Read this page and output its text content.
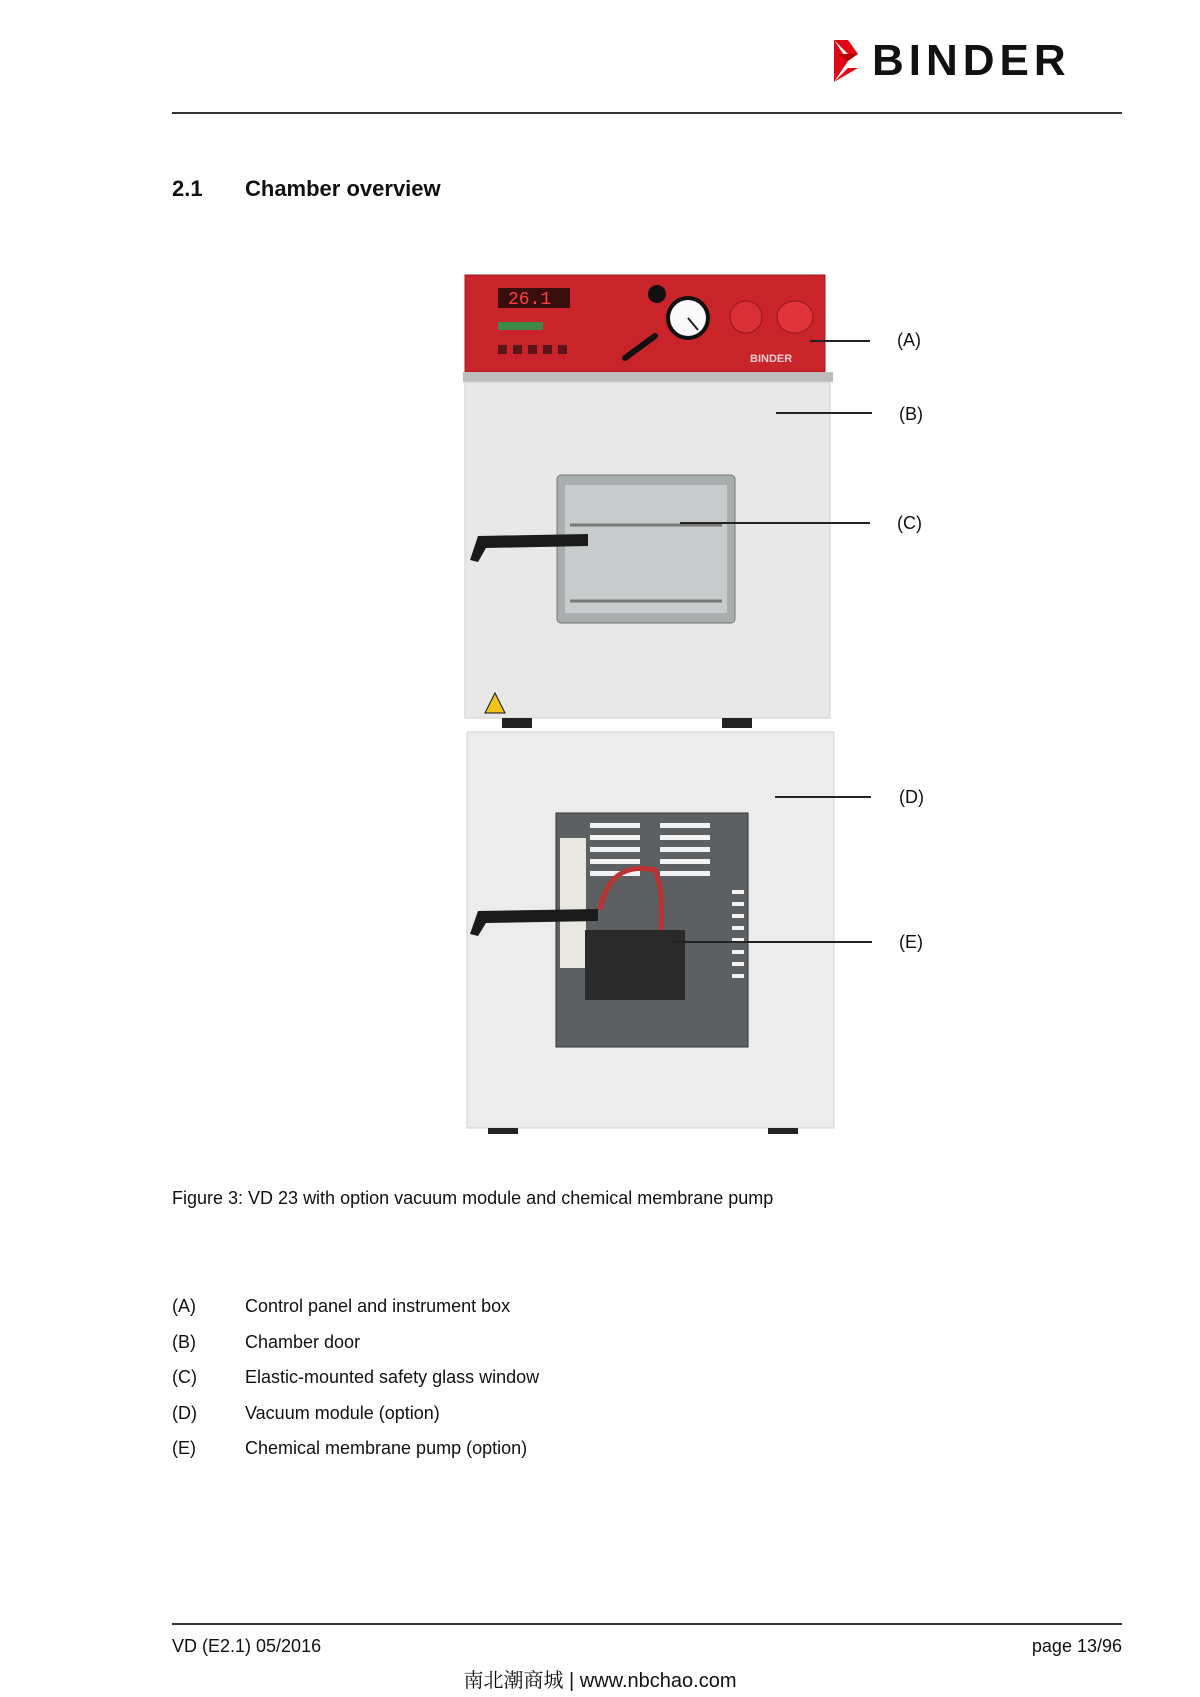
BINDER
2.1 Chamber overview
26.1
BINDER
(A)
(B)
(C)
(D)
(E)
Figure 3: VD 23 with option vacuum module and chemical membrane pump
(A)	Control panel and instrument box
(B)	Chamber door
(C)	Elastic-mounted safety glass window
(D)	Vacuum module (option)
(E)	Chemical membrane pump (option)
VD (E2.1) 05/2016	page 13/96
南北潮商城 | www.nbchao.com
